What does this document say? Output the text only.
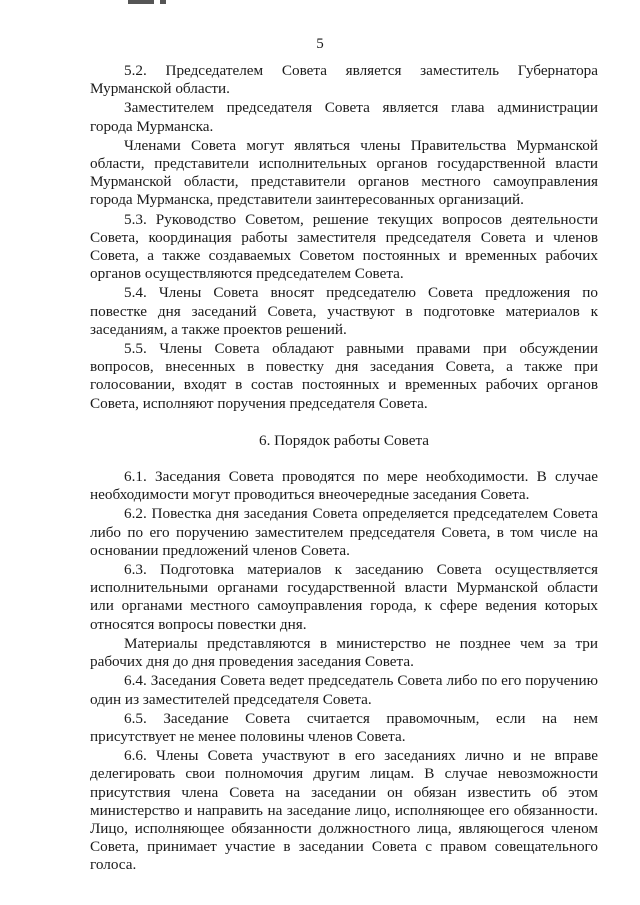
5

5.2. Председателем Совета является заместитель Губернатора Мурманской области.

Заместителем председателя Совета является глава администрации города Мурманска.

Членами Совета могут являться члены Правительства Мурманской области, представители исполнительных органов государственной власти Мурманской области, представители органов местного самоуправления города Мурманска, представители заинтересованных организаций.

5.3. Руководство Советом, решение текущих вопросов деятельности Совета, координация работы заместителя председателя Совета и членов Совета, а также создаваемых Советом постоянных и временных рабочих органов осуществляются председателем Совета.

5.4. Члены Совета вносят председателю Совета предложения по повестке дня заседаний Совета, участвуют в подготовке материалов к заседаниям, а также проектов решений.

5.5. Члены Совета обладают равными правами при обсуждении вопросов, внесенных в повестку дня заседания Совета, а также при голосовании, входят в состав постоянных и временных рабочих органов Совета, исполняют поручения председателя Совета.

6. Порядок работы Совета

6.1. Заседания Совета проводятся по мере необходимости. В случае необходимости могут проводиться внеочередные заседания Совета.

6.2. Повестка дня заседания Совета определяется председателем Совета либо по его поручению заместителем председателя Совета, в том числе на основании предложений членов Совета.

6.3. Подготовка материалов к заседанию Совета осуществляется исполнительными органами государственной власти Мурманской области или органами местного самоуправления города, к сфере ведения которых относятся вопросы повестки дня.

Материалы представляются в министерство не позднее чем за три рабочих дня до дня проведения заседания Совета.

6.4. Заседания Совета ведет председатель Совета либо по его поручению один из заместителей председателя Совета.

6.5. Заседание Совета считается правомочным, если на нем присутствует не менее половины членов Совета.

6.6. Члены Совета участвуют в его заседаниях лично и не вправе делегировать свои полномочия другим лицам. В случае невозможности присутствия члена Совета на заседании он обязан известить об этом министерство и направить на заседание лицо, исполняющее его обязанности. Лицо, исполняющее обязанности должностного лица, являющегося членом Совета, принимает участие в заседании Совета с правом совещательного голоса.
